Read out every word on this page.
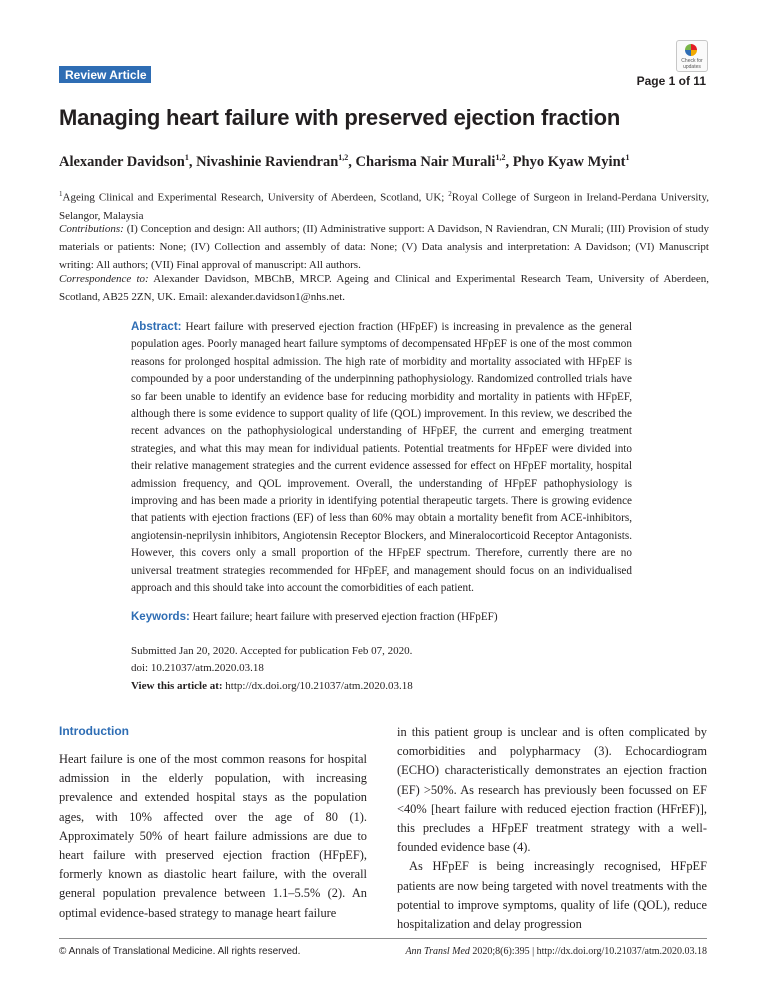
Review Article
Check for updates
Page 1 of 11
Managing heart failure with preserved ejection fraction
Alexander Davidson$^1$, Nivashinie Raviendran$^{1,2}$, Charisma Nair Murali$^{1,2}$, Phyo Kyaw Myint$^1$

$^1$Ageing Clinical and Experimental Research, University of Aberdeen, Scotland, UK; $^2$Royal College of Surgeon in Ireland-Perdana University, Selangor, Malaysia

Contributions: (I) Conception and design: All authors; (II) Administrative support: A Davidson, N Raviendran, CN Murali; (III) Provision of study materials or patients: None; (IV) Collection and assembly of data: None; (V) Data analysis and interpretation: A Davidson; (VI) Manuscript writing: All authors; (VII) Final approval of manuscript: All authors.

Correspondence to: Alexander Davidson, MBChB, MRCP. Ageing and Clinical and Experimental Research Team, University of Aberdeen, Scotland, AB25 2ZN, UK. Email: alexander.davidson1@nhs.net.

Abstract: Heart failure with preserved ejection fraction (HFpEF) is increasing in prevalence as the general population ages. Poorly managed heart failure symptoms of decompensated HFpEF is one of the most common reasons for prolonged hospital admission. The high rate of morbidity and mortality associated with HFpEF is compounded by a poor understanding of the underpinning pathophysiology. Randomized controlled trials have so far been unable to identify an evidence base for reducing morbidity and mortality in patients with HFpEF, although there is some evidence to support quality of life (QOL) improvement. In this review, we described the recent advances on the pathophysiological understanding of HFpEF, the current and emerging treatment strategies, and what this may mean for individual patients. Potential treatments for HFpEF were divided into their relative management strategies and the current evidence assessed for effect on HFpEF mortality, hospital admission frequency, and QOL improvement. Overall, the understanding of HFpEF pathophysiology is improving and has been made a priority in identifying potential therapeutic targets. There is growing evidence that patients with ejection fractions (EF) of less than 60% may obtain a mortality benefit from ACE-inhibitors, angiotensin-neprilysin inhibitors, Angiotensin Receptor Blockers, and Mineralocorticoid Receptor Antagonists. However, this covers only a small proportion of the HFpEF spectrum. Therefore, currently there are no universal treatment strategies recommended for HFpEF, and management should focus on an individualised approach and this should take into account the comorbidities of each patient.

Keywords: Heart failure; heart failure with preserved ejection fraction (HFpEF)

Submitted Jan 20, 2020. Accepted for publication Feb 07, 2020.
doi: 10.21037/atm.2020.03.18
View this article at: http://dx.doi.org/10.21037/atm.2020.03.18
Introduction

Heart failure is one of the most common reasons for hospital admission in the elderly population, with increasing prevalence and extended hospital stays as the population ages, with 10% affected over the age of 80 (1). Approximately 50% of heart failure admissions are due to heart failure with preserved ejection fraction (HFpEF), formerly known as diastolic heart failure, with the overall general population prevalence between 1.1–5.5% (2). An optimal evidence-based strategy to manage heart failure

in this patient group is unclear and is often complicated by comorbidities and polypharmacy (3). Echocardiogram (ECHO) characteristically demonstrates an ejection fraction (EF) >50%. As research has previously been focussed on EF <40% [heart failure with reduced ejection fraction (HFrEF)], this precludes a HFpEF treatment strategy with a well-founded evidence base (4).

As HFpEF is being increasingly recognised, HFpEF patients are now being targeted with novel treatments with the potential to improve symptoms, quality of life (QOL), reduce hospitalization and delay progression

© Annals of Translational Medicine. All rights reserved.	Ann Transl Med 2020;8(6):395 | http://dx.doi.org/10.21037/atm.2020.03.18
